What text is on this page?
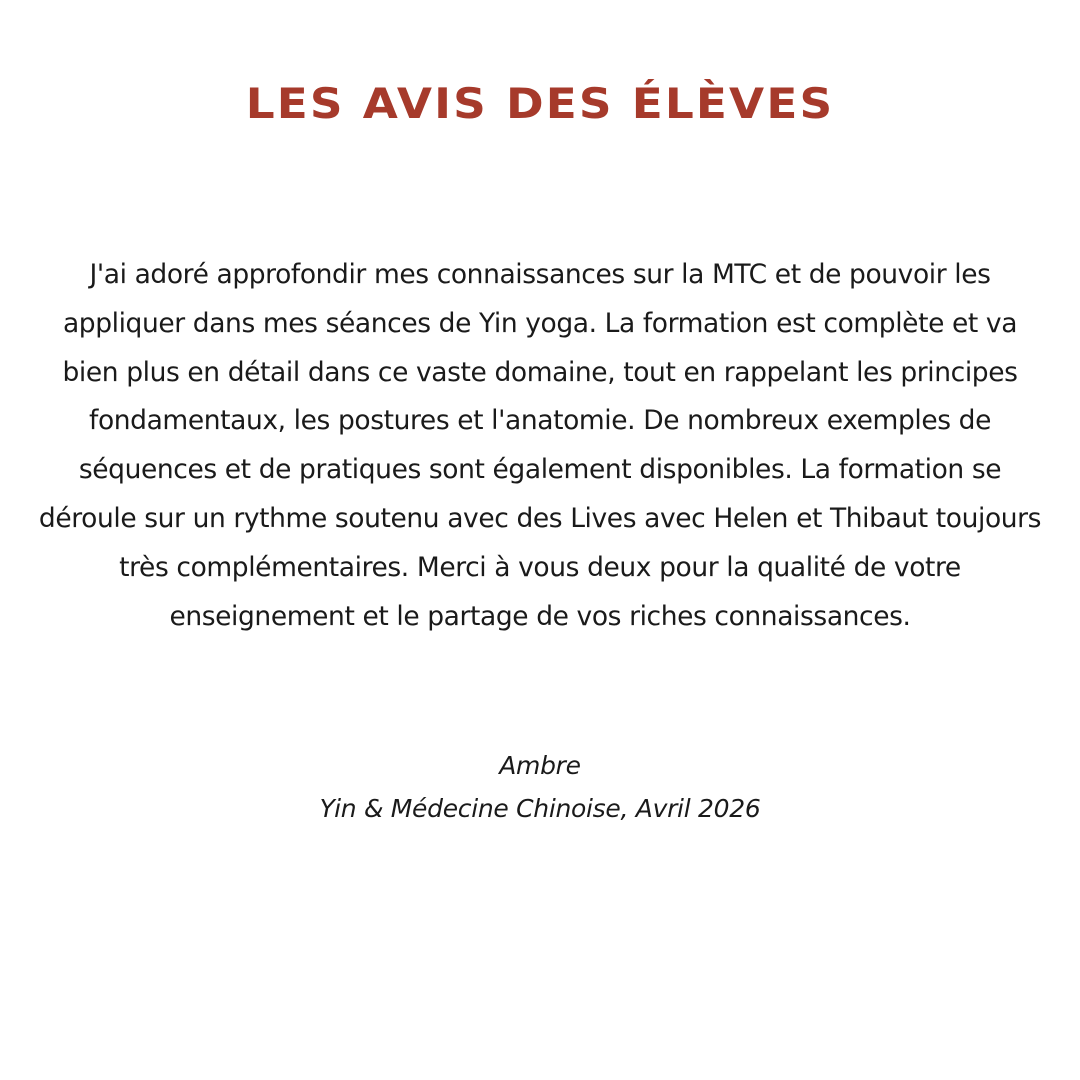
LES AVIS DES ÉLÈVES

J'ai adoré approfondir mes connaissances sur la MTC et de pouvoir les appliquer dans mes séances de Yin yoga. La formation est complète et va bien plus en détail dans ce vaste domaine, tout en rappelant les principes fondamentaux, les postures et l'anatomie. De nombreux exemples de séquences et de pratiques sont également disponibles. La formation se déroule sur un rythme soutenu avec des Lives avec Helen et Thibaut toujours très complémentaires. Merci à vous deux pour la qualité de votre enseignement et le partage de vos riches connaissances.

Ambre
Yin & Médecine Chinoise, Avril 2026
